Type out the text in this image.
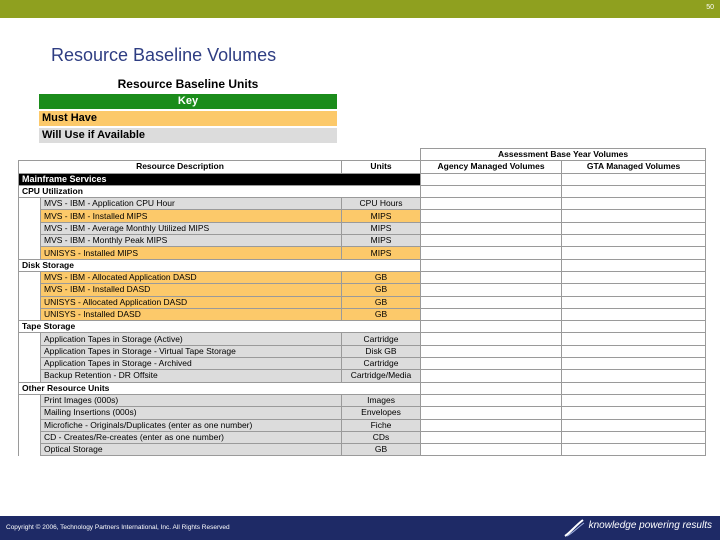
50
Resource Baseline Volumes
Resource Baseline Units
Key
Must Have
Will Use if Available
			Assessment Base Year Volumes	
Resource Description		Units	Agency Managed Volumes	GTA Managed Volumes
Mainframe Services				
CPU Utilization				
	MVS - IBM - Application CPU Hour	CPU Hours		
	MVS - IBM - Installed MIPS	MIPS		
	MVS - IBM - Average Monthly Utilized MIPS	MIPS		
	MVS - IBM - Monthly Peak MIPS	MIPS		
	UNISYS - Installed MIPS	MIPS		
Disk Storage				
	MVS - IBM - Allocated Application DASD	GB		
	MVS - IBM - Installed DASD	GB		
	UNISYS - Allocated Application DASD	GB		
	UNISYS - Installed DASD	GB		
Tape Storage				
	Application Tapes in Storage (Active)	Cartridge		
	Application Tapes in Storage - Virtual Tape Storage	Disk GB		
	Application Tapes in Storage - Archived	Cartridge		
	Backup Retention - DR Offsite	Cartridge/Media		
Other Resource Units				
	Print Images (000s)	Images		
	Mailing Insertions (000s)	Envelopes		
	Microfiche - Originals/Duplicates (enter as one number)	Fiche		
	CD - Creates/Re-creates (enter as one number)	CDs		
	Optical Storage	GB		
Copyright © 2006, Technology Partners International, Inc. All Rights Reserved	knowledge powering results
